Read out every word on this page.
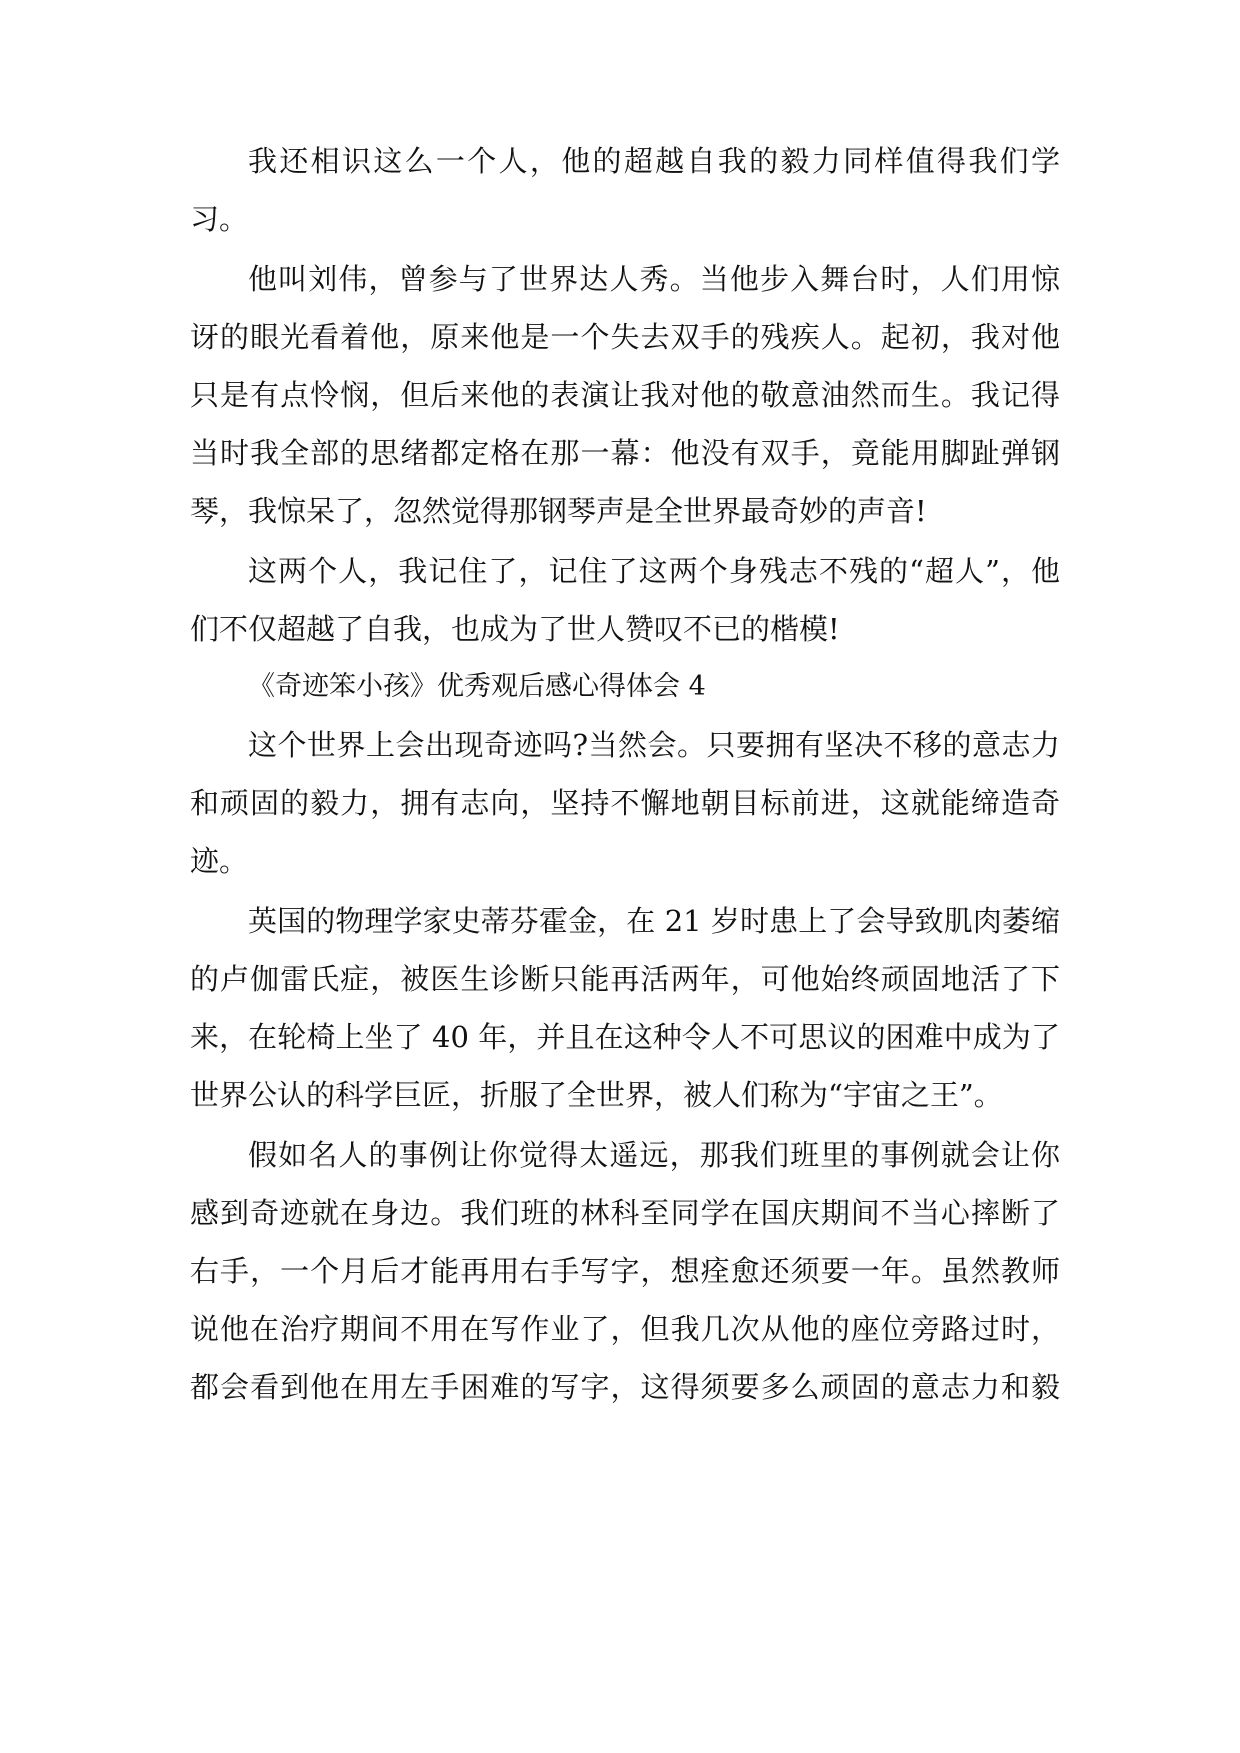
我还相识这么一个人，他的超越自我的毅力同样值得我们学
习。
他叫刘伟，曾参与了世界达人秀。当他步入舞台时，人们用惊
讶的眼光看着他，原来他是一个失去双手的残疾人。起初，我对他
只是有点怜悯，但后来他的表演让我对他的敬意油然而生。我记得
当时我全部的思绪都定格在那一幕：他没有双手，竟能用脚趾弹钢
琴，我惊呆了，忽然觉得那钢琴声是全世界最奇妙的声音!
这两个人，我记住了，记住了这两个身残志不残的“超人”，他
们不仅超越了自我，也成为了世人赞叹不已的楷模!
《奇迹笨小孩》优秀观后感心得体会 4
这个世界上会出现奇迹吗?当然会。只要拥有坚决不移的意志力
和顽固的毅力，拥有志向，坚持不懈地朝目标前进，这就能缔造奇
迹。
英国的物理学家史蒂芬霍金，在 21 岁时患上了会导致肌肉萎缩
的卢伽雷氏症，被医生诊断只能再活两年，可他始终顽固地活了下
来，在轮椅上坐了 40 年，并且在这种令人不可思议的困难中成为了
世界公认的科学巨匠，折服了全世界，被人们称为“宇宙之王”。
假如名人的事例让你觉得太遥远，那我们班里的事例就会让你
感到奇迹就在身边。我们班的林科至同学在国庆期间不当心摔断了
右手，一个月后才能再用右手写字，想痊愈还须要一年。虽然教师
说他在治疗期间不用在写作业了，但我几次从他的座位旁路过时，
都会看到他在用左手困难的写字，这得须要多么顽固的意志力和毅
